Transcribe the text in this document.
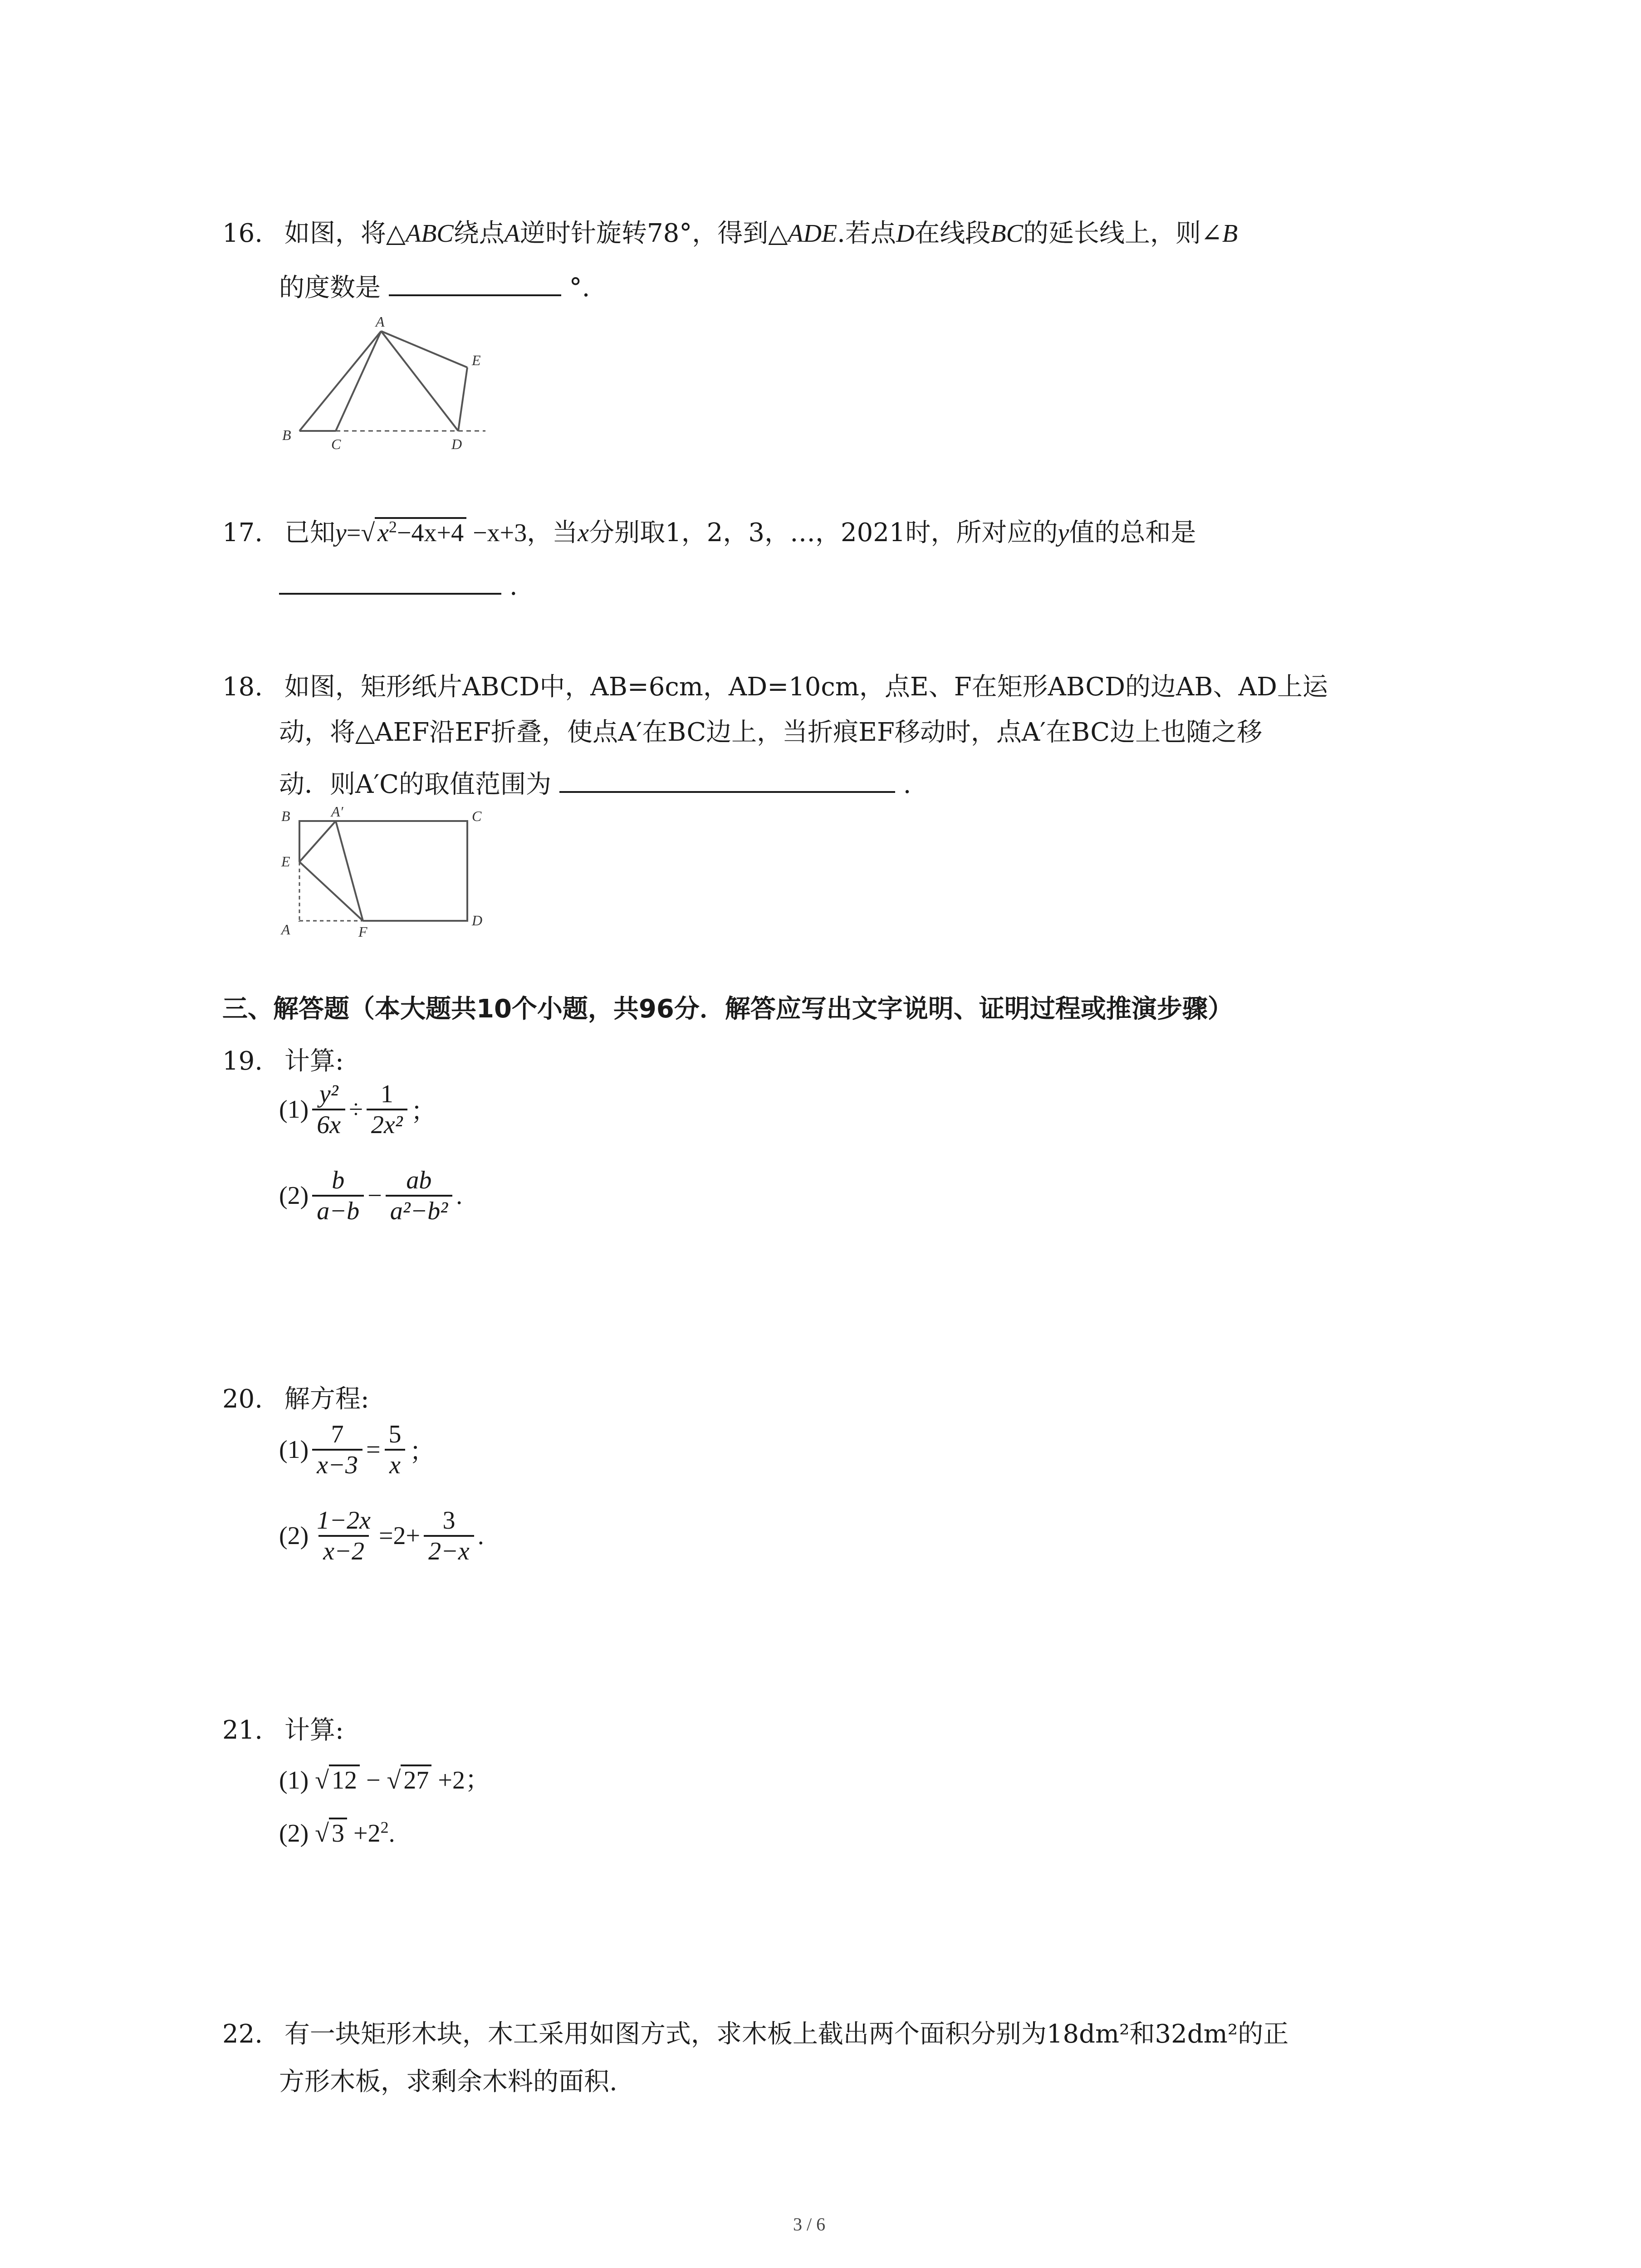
16. 如图，将△ABC绕点A逆时针旋转78°，得到△ADE.若点D在线段BC的延长线上，则∠B
的度数是	°.
A
E
B
C	D
17. 已知y=√ $x^2-4x+4 -x+3$，当x分别取1，2，3，…，2021时，所对应的y值的总和是
.
18. 如图，矩形纸片ABCD中，AB=6cm，AD=10cm，点E、F在矩形ABCD的边AB、AD上运
动，将△AEF沿EF折叠，使点A′在BC边上，当折痕EF移动时，点A′在BC边上也随之移
动．则A′C的取值范围为	.
B	A′	C
E
A	F
D
三、解答题（本大题共10个小题，共96分．解答应写出文字说明、证明过程或推演步骤）
19. 计算:
$(1) \frac{\text{y²}}{6x} \div \frac{1}{\text{2x²}}$ ；
$(2) \frac{b}{a-b} - \frac{ab}{\text{a²−b²}}$ .
20. 解方程:
$(1) \frac{7}{x-3} = \frac{5}{x}$ ；
$(2) \frac{1-2x}{x-2} =2+ \frac{3}{2-x}$ .
21. 计算:
(1) √ 12 − √ 27 +2；
(2) √ $3 +2^2$.
22. 有一块矩形木块，木工采用如图方式，求木板上截出两个面积分别为18dm²和32dm²的正
方形木板，求剩余木料的面积.
3 / 6
